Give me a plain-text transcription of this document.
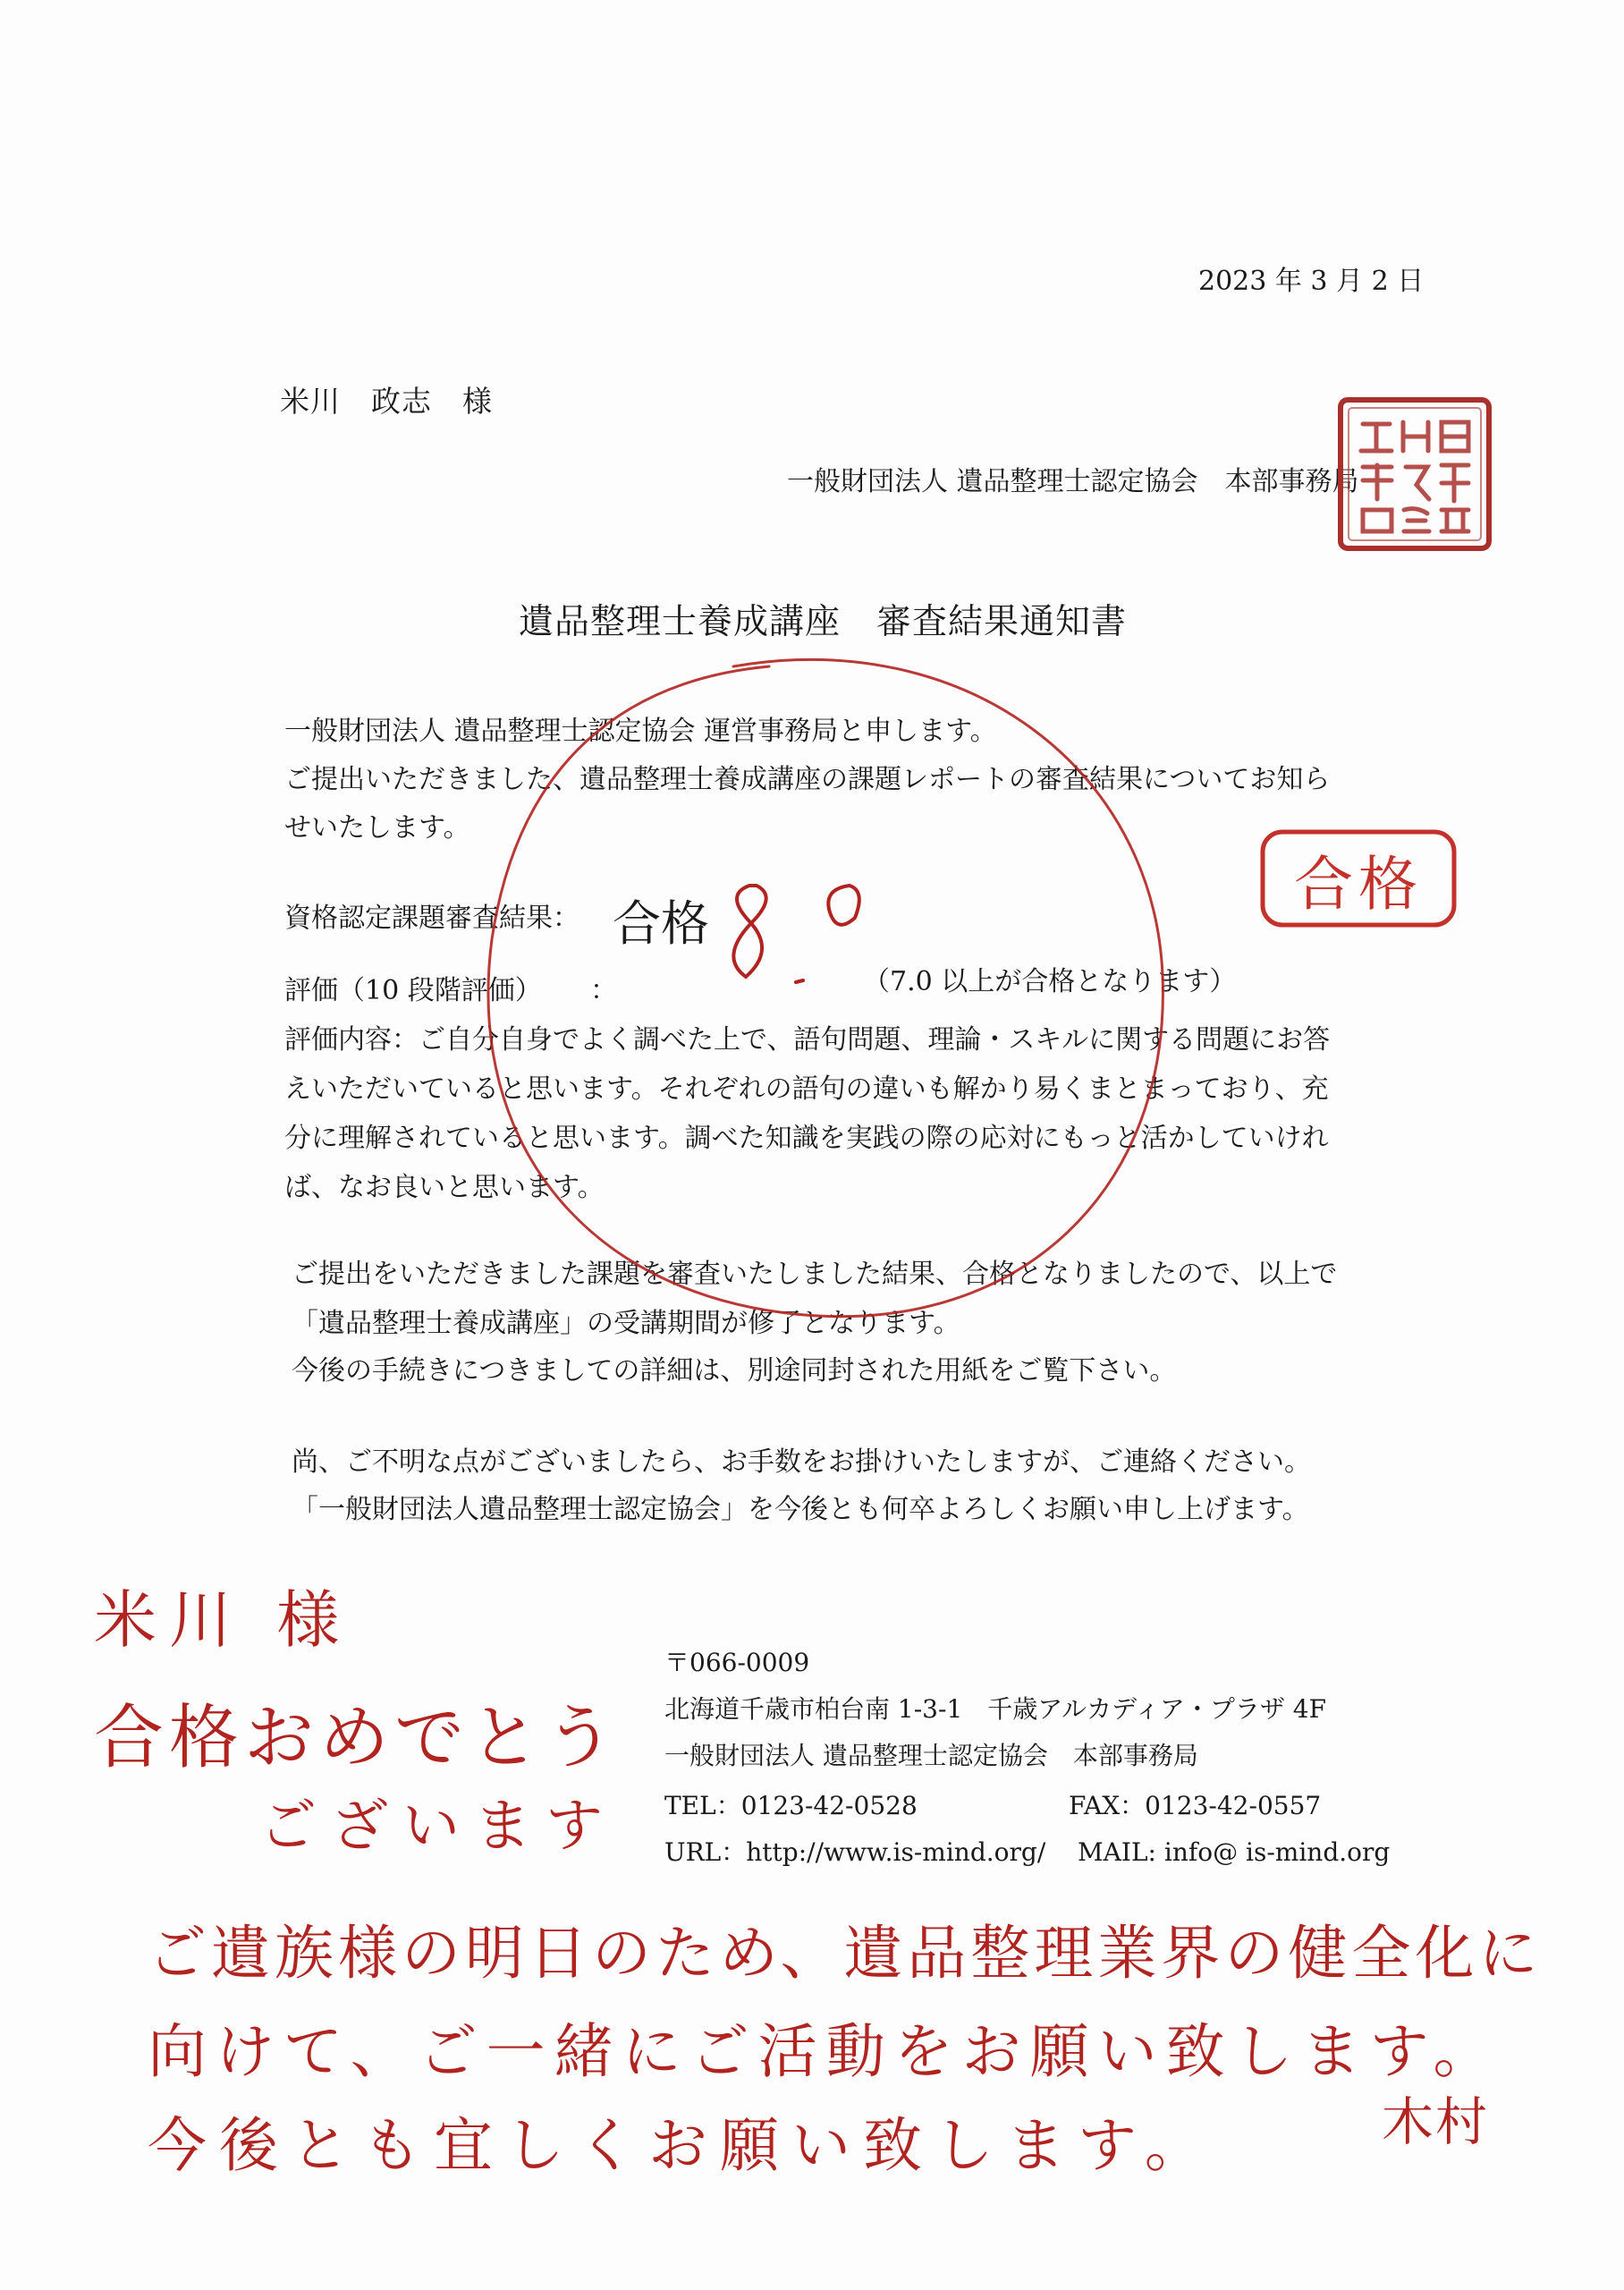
2023 年 3 月 2 日
米川　政志　様
一般財団法人 遺品整理士認定協会　本部事務局
遺品整理士養成講座　審査結果通知書
一般財団法人 遺品整理士認定協会 運営事務局と申します。
ご提出いただきました、遺品整理士養成講座の課題レポートの審査結果についてお知ら
せいたします。
資格認定課題審査結果： 合格
合格
評価（10 段階評価） ：	（7.0 以上が合格となります）
評価内容：ご自分自身でよく調べた上で、語句問題、理論・スキルに関する問題にお答
えいただいていると思います。それぞれの語句の違いも解かり易くまとまっており、充
分に理解されていると思います。調べた知識を実践の際の応対にもっと活かしていけれ
ば、なお良いと思います。
ご提出をいただきました課題を審査いたしました結果、合格となりましたので、以上で
「遺品整理士養成講座」の受講期間が修了となります。
今後の手続きにつきましての詳細は、別途同封された用紙をご覧下さい。
尚、ご不明な点がございましたら、お手数をお掛けいたしますが、ご連絡ください。
「一般財団法人遺品整理士認定協会」を今後とも何卒よろしくお願い申し上げます。
〒066-0009
北海道千歳市柏台南 1-3-1　千歳アルカディア・プラザ 4F
一般財団法人 遺品整理士認定協会　本部事務局
TEL：0123-42-0528	FAX：0123-42-0557
URL：http://www.is-mind.org/ MAIL: info@ is-mind.org
米川 様
合格おめでとう
ございます
ご遺族様の明日のため、遺品整理業界の健全化に
向けて、ご一緒にご活動をお願い致します。
今後とも宜しくお願い致します。	木村
